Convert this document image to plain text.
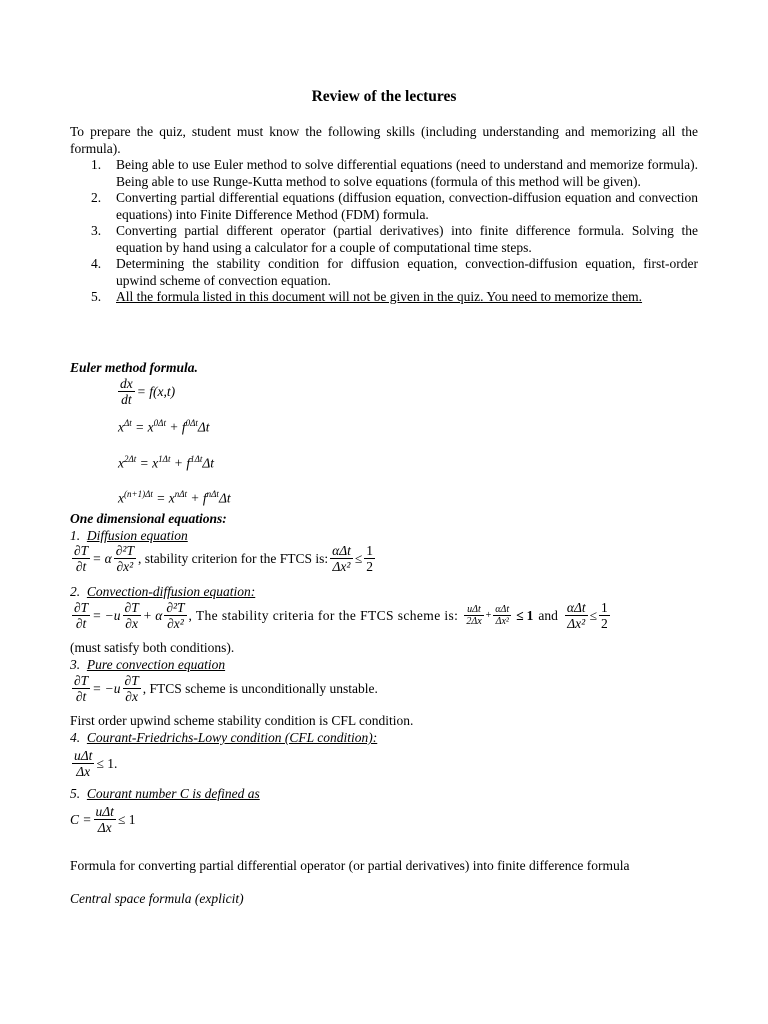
Review of the lectures
To prepare the quiz, student must know the following skills (including understanding and memorizing all the formula).
1. Being able to use Euler method to solve differential equations (need to understand and memorize formula). Being able to use Runge-Kutta method to solve equations (formula of this method will be given).
2. Converting partial differential equations (diffusion equation, convection-diffusion equation and convection equations) into Finite Difference Method (FDM) formula.
3. Converting partial different operator (partial derivatives) into finite difference formula. Solving the equation by hand using a calculator for a couple of computational time steps.
4. Determining the stability condition for diffusion equation, convection-diffusion equation, first-order upwind scheme of convection equation.
5. All the formula listed in this document will not be given in the quiz. You need to memorize them.
Euler method formula.
$\frac{dx}{dt} = f(x,t)$
$x^{\Delta t} = x^{0\Delta t} + f^{0\Delta t}\Delta t$
$x^{2\Delta t} = x^{1\Delta t} + f^{1\Delta t}\Delta t$
$x^{(n+1)\Delta t} = x^{n\Delta t} + f^{n\Delta t}\Delta t$
One dimensional equations:
1. Diffusion equation
$\frac{\partial T}{\partial t} = \alpha \frac{\text{∂²T}}{\text{∂x²}}$ , stability criterion for the FTCS is: $\frac{\text{αΔt}}{\text{Δx²}} \le \frac{1}{2}$
2. Convection-diffusion equation:
$\frac{\partial T}{\partial t} = -u \frac{\partial T}{\partial x} + \alpha \frac{\text{∂²T}}{\text{∂x²}}$ , The stability criteria for the FTCS scheme is: $\frac{\text{uΔt}}{2\Delta x} + \frac{\text{αΔt}}{\text{Δx²}} \le 1$ and $\frac{\text{αΔt}}{\text{Δx²}} \le \frac{1}{2}$
(must satisfy both conditions).
3. Pure convection equation
$\frac{\partial T}{\partial t} = -u \frac{\partial T}{\partial x}$ , FTCS scheme is unconditionally unstable.
First order upwind scheme stability condition is CFL condition.
4. Courant-Friedrichs-Lowy condition (CFL condition):
$\frac{\text{uΔt}}{\Delta x} \le 1$.
5. Courant number C is defined as
$C = \frac{\text{uΔt}}{\Delta x} \le 1$
Formula for converting partial differential operator (or partial derivatives) into finite difference formula
Central space formula (explicit)
